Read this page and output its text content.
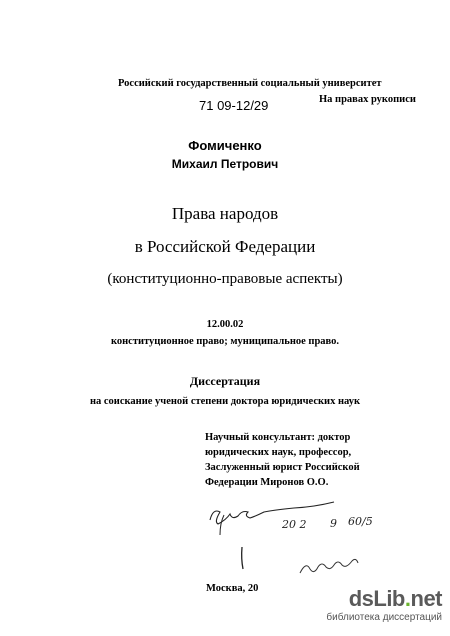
Российский государственный социальный университет
71 09-12/29	На правах рукописи
Фомиченко
Михаил Петрович
Права народов
в Российской Федерации
(конституционно-правовые аспекты)
12.00.02
конституционное право; муниципальное право.
Диссертация
на соискание ученой степени доктора юридических наук
Научный консультант: доктор
юридических наук, профессор,
Заслуженный юрист Российской
Федерации Миронов О.О.
20 2 9 60/5
Москва, 20	dsLib.net
библиотека диссертаций
